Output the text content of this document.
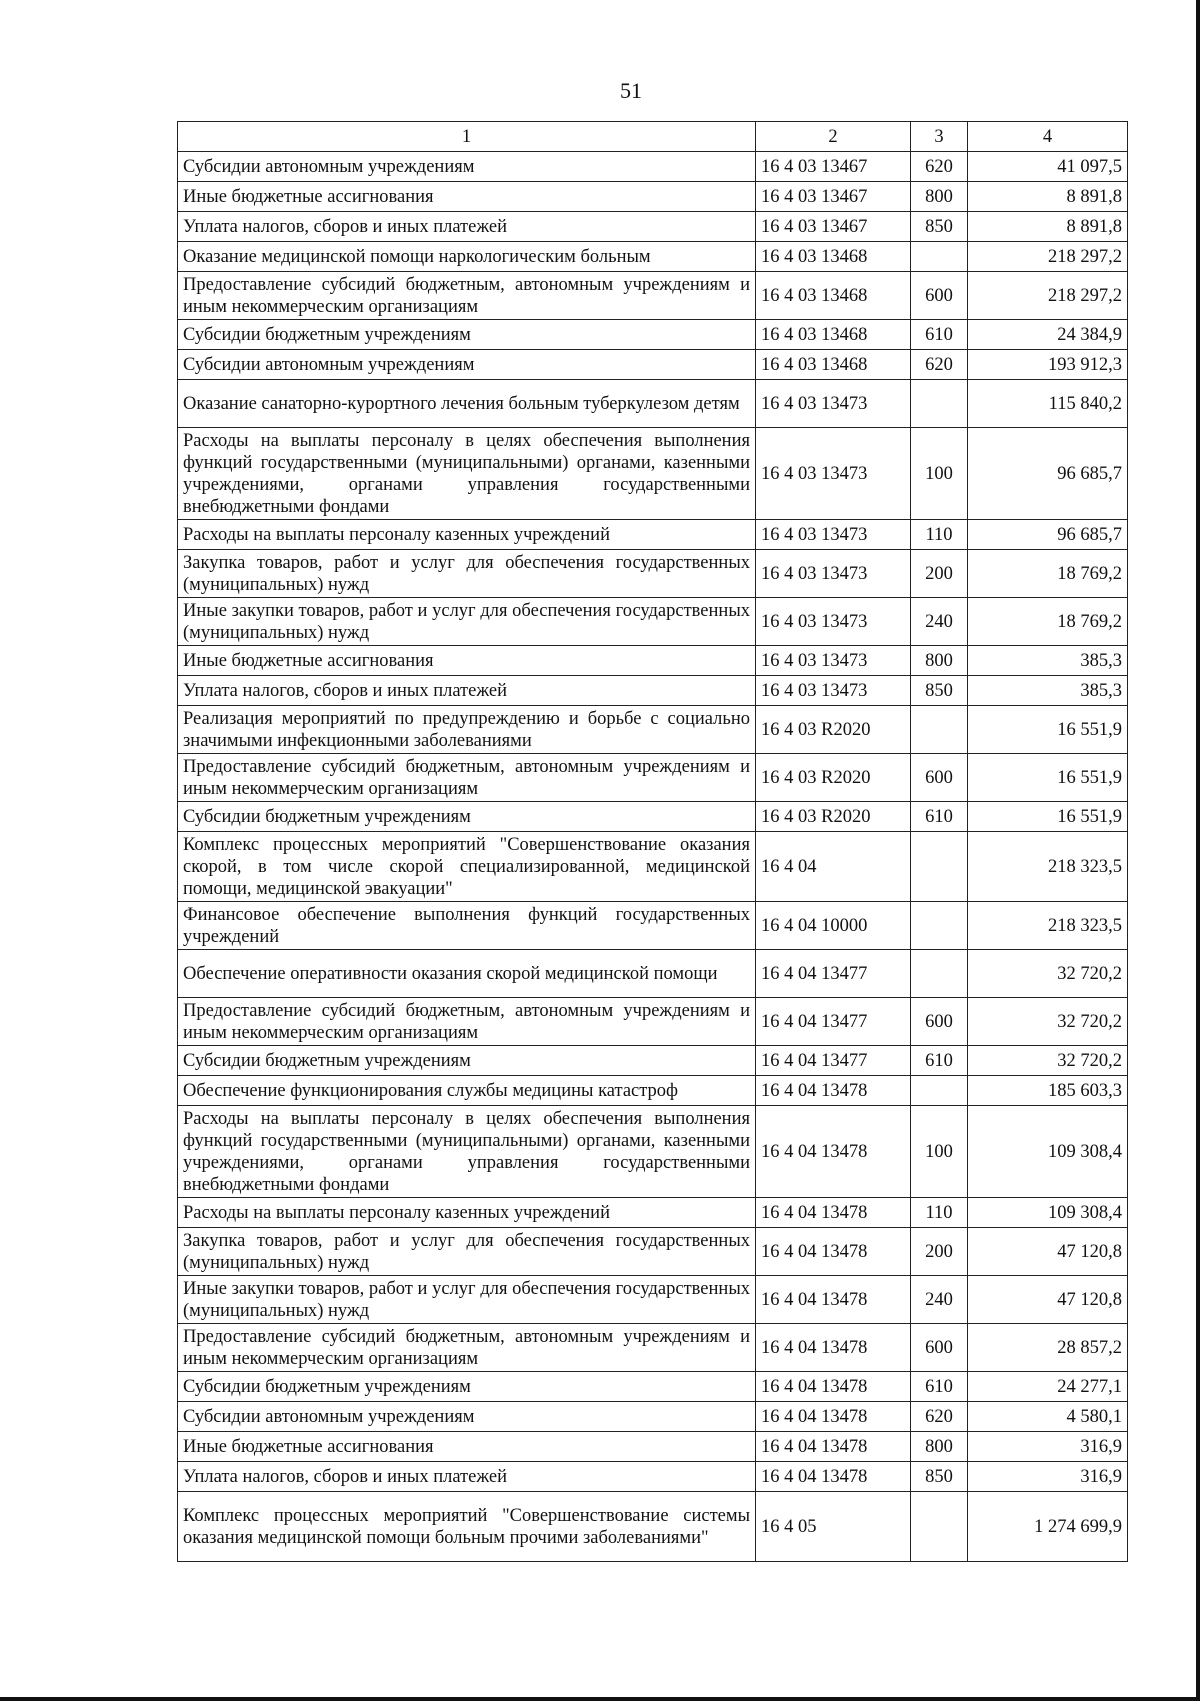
51
1	2	3	4
Субсидии автономным учреждениям	16 4 03 13467	620	41 097,5
Иные бюджетные ассигнования	16 4 03 13467	800	8 891,8
Уплата налогов, сборов и иных платежей	16 4 03 13467	850	8 891,8
Оказание медицинской помощи наркологическим больным	16 4 03 13468		218 297,2
Предоставление субсидий бюджетным, автономным учреждениям и иным некоммерческим организациям	16 4 03 13468	600	218 297,2
Субсидии бюджетным учреждениям	16 4 03 13468	610	24 384,9
Субсидии автономным учреждениям	16 4 03 13468	620	193 912,3
Оказание санаторно-курортного лечения больным туберкулезом детям	16 4 03 13473		115 840,2
Расходы на выплаты персоналу в целях обеспечения выполнения функций государственными (муниципальными) органами, казенными учреждениями, органами управления государственными внебюджетными фондами	16 4 03 13473	100	96 685,7
Расходы на выплаты персоналу казенных учреждений	16 4 03 13473	110	96 685,7
Закупка товаров, работ и услуг для обеспечения государственных (муниципальных) нужд	16 4 03 13473	200	18 769,2
Иные закупки товаров, работ и услуг для обеспечения государственных (муниципальных) нужд	16 4 03 13473	240	18 769,2
Иные бюджетные ассигнования	16 4 03 13473	800	385,3
Уплата налогов, сборов и иных платежей	16 4 03 13473	850	385,3
Реализация мероприятий по предупреждению и борьбе с социально значимыми инфекционными заболеваниями	16 4 03 R2020		16 551,9
Предоставление субсидий бюджетным, автономным учреждениям и иным некоммерческим организациям	16 4 03 R2020	600	16 551,9
Субсидии бюджетным учреждениям	16 4 03 R2020	610	16 551,9
Комплекс процессных мероприятий "Совершенствование оказания скорой, в том числе скорой специализированной, медицинской помощи, медицинской эвакуации"	16 4 04		218 323,5
Финансовое обеспечение выполнения функций государственных учреждений	16 4 04 10000		218 323,5
Обеспечение оперативности оказания скорой медицинской помощи	16 4 04 13477		32 720,2
Предоставление субсидий бюджетным, автономным учреждениям и иным некоммерческим организациям	16 4 04 13477	600	32 720,2
Субсидии бюджетным учреждениям	16 4 04 13477	610	32 720,2
Обеспечение функционирования службы медицины катастроф	16 4 04 13478		185 603,3
Расходы на выплаты персоналу в целях обеспечения выполнения функций государственными (муниципальными) органами, казенными учреждениями, органами управления государственными внебюджетными фондами	16 4 04 13478	100	109 308,4
Расходы на выплаты персоналу казенных учреждений	16 4 04 13478	110	109 308,4
Закупка товаров, работ и услуг для обеспечения государственных (муниципальных) нужд	16 4 04 13478	200	47 120,8
Иные закупки товаров, работ и услуг для обеспечения государственных (муниципальных) нужд	16 4 04 13478	240	47 120,8
Предоставление субсидий бюджетным, автономным учреждениям и иным некоммерческим организациям	16 4 04 13478	600	28 857,2
Субсидии бюджетным учреждениям	16 4 04 13478	610	24 277,1
Субсидии автономным учреждениям	16 4 04 13478	620	4 580,1
Иные бюджетные ассигнования	16 4 04 13478	800	316,9
Уплата налогов, сборов и иных платежей	16 4 04 13478	850	316,9
Комплекс процессных мероприятий "Совершенствование системы оказания медицинской помощи больным прочими заболеваниями"	16 4 05		1 274 699,9
